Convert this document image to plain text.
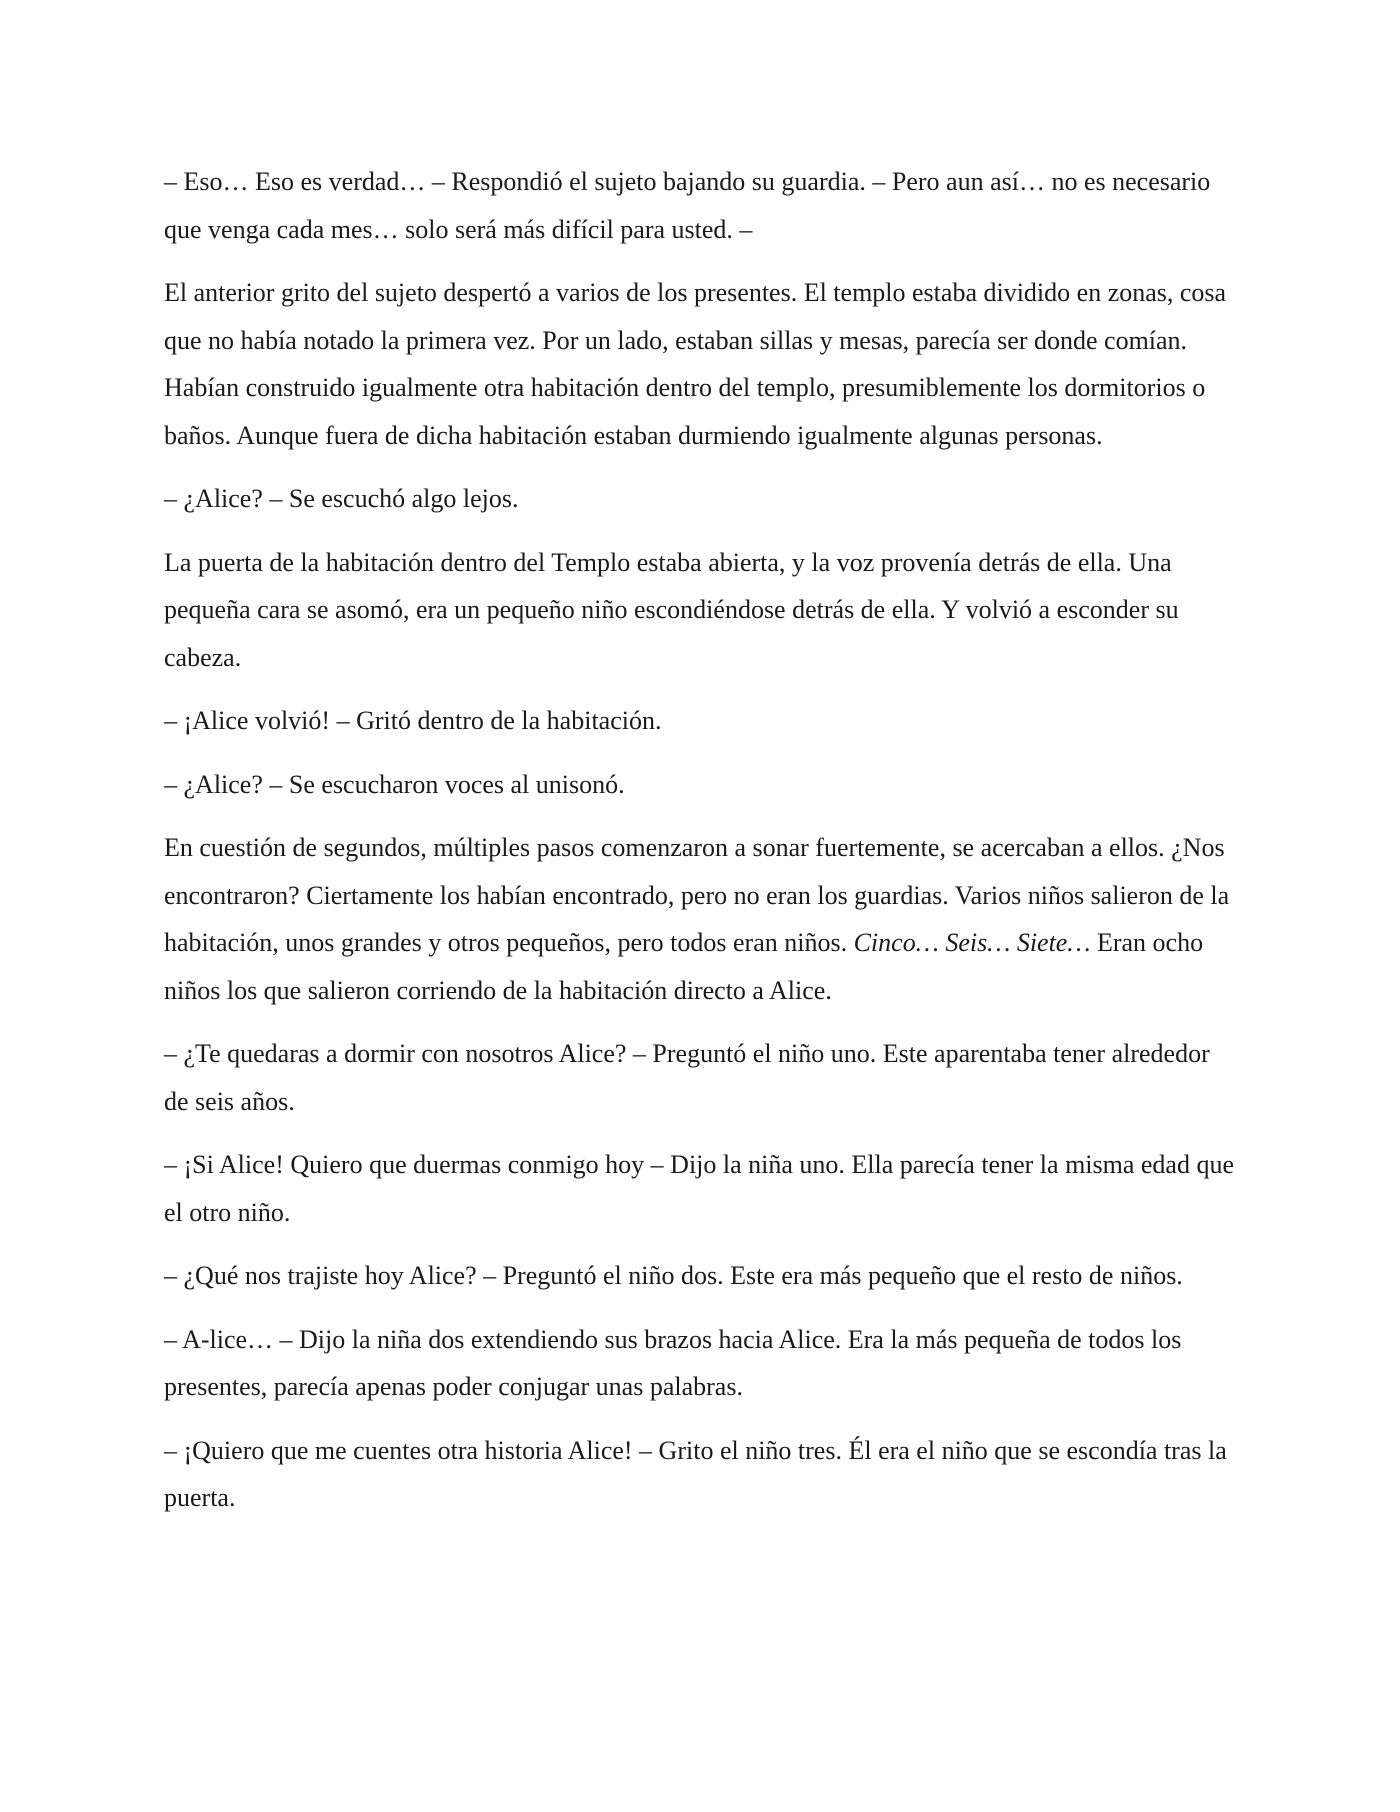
– Eso… Eso es verdad… – Respondió el sujeto bajando su guardia. – Pero aun así… no es necesario que venga cada mes… solo será más difícil para usted. –

El anterior grito del sujeto despertó a varios de los presentes. El templo estaba dividido en zonas, cosa que no había notado la primera vez. Por un lado, estaban sillas y mesas, parecía ser donde comían. Habían construido igualmente otra habitación dentro del templo, presumiblemente los dormitorios o baños. Aunque fuera de dicha habitación estaban durmiendo igualmente algunas personas.

– ¿Alice? – Se escuchó algo lejos.

La puerta de la habitación dentro del Templo estaba abierta, y la voz provenía detrás de ella. Una pequeña cara se asomó, era un pequeño niño escondiéndose detrás de ella. Y volvió a esconder su cabeza.

– ¡Alice volvió! – Gritó dentro de la habitación.

– ¿Alice? – Se escucharon voces al unisonó.

En cuestión de segundos, múltiples pasos comenzaron a sonar fuertemente, se acercaban a ellos. ¿Nos encontraron? Ciertamente los habían encontrado, pero no eran los guardias. Varios niños salieron de la habitación, unos grandes y otros pequeños, pero todos eran niños. Cinco… Seis… Siete… Eran ocho niños los que salieron corriendo de la habitación directo a Alice.

– ¿Te quedaras a dormir con nosotros Alice? – Preguntó el niño uno. Este aparentaba tener alrededor de seis años.

– ¡Si Alice! Quiero que duermas conmigo hoy – Dijo la niña uno. Ella parecía tener la misma edad que el otro niño.

– ¿Qué nos trajiste hoy Alice? – Preguntó el niño dos. Este era más pequeño que el resto de niños.

– A-lice… – Dijo la niña dos extendiendo sus brazos hacia Alice. Era la más pequeña de todos los presentes, parecía apenas poder conjugar unas palabras.

– ¡Quiero que me cuentes otra historia Alice! – Grito el niño tres. Él era el niño que se escondía tras la puerta.
